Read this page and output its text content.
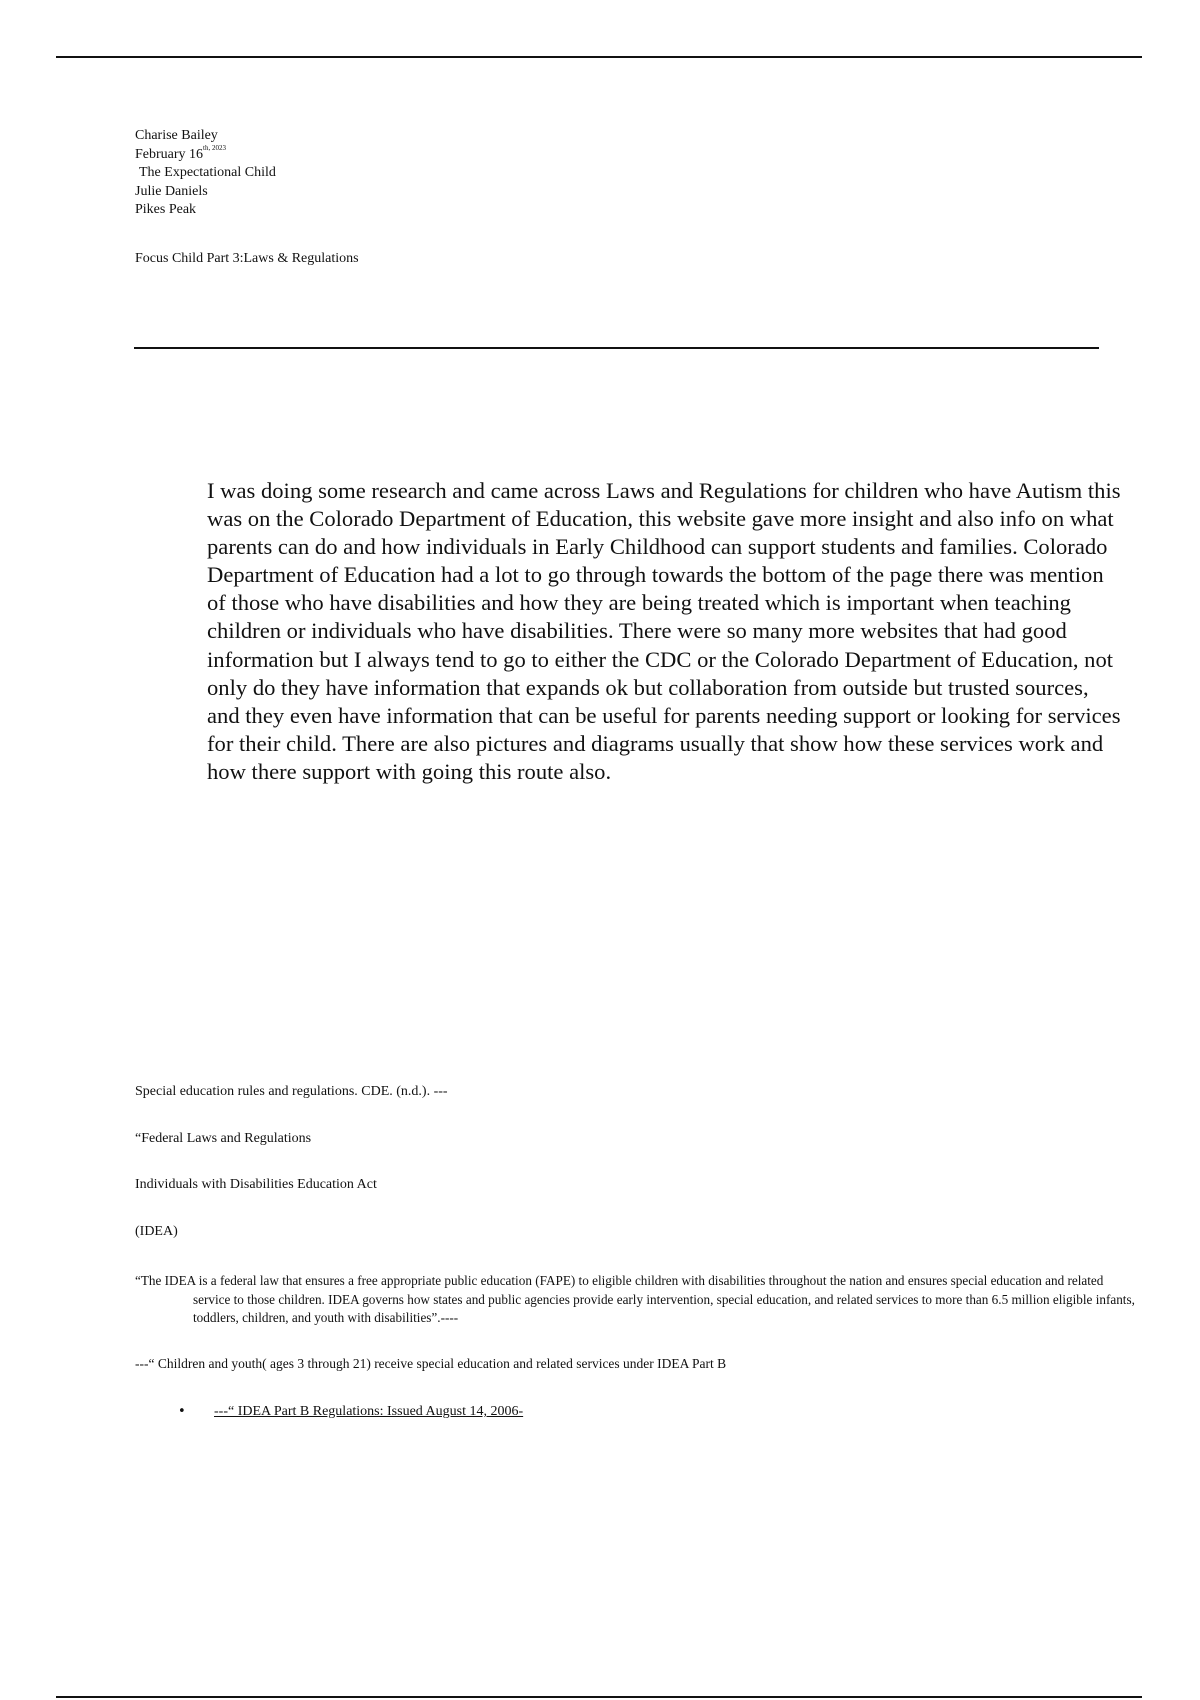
Charise Bailey
February $16^{th, 2023}$
The Expectational Child
Julie Daniels
Pikes Peak
Focus Child Part 3:Laws & Regulations

I was doing some research and came across Laws and Regulations for children who have Autism this was on the Colorado Department of Education, this website gave more insight and also info on what parents can do and how individuals in Early Childhood can support students and families. Colorado Department of Education had a lot to go through towards the bottom of the page there was mention of those who have disabilities and how they are being treated which is important when teaching children or individuals who have disabilities. There were so many more websites that had good information but I always tend to go to either the CDC or the Colorado Department of Education, not only do they have information that expands ok but collaboration from outside but trusted sources, and they even have information that can be useful for parents needing support or looking for services for their child. There are also pictures and diagrams usually that show how these services work and how there support with going this route also.

Special education rules and regulations. CDE. (n.d.). ---
“Federal Laws and Regulations
Individuals with Disabilities Education Act
(IDEA)
“The IDEA is a federal law that ensures a free appropriate public education (FAPE) to eligible children with disabilities throughout the nation and ensures special education and related service to those children. IDEA governs how states and public agencies provide early intervention, special education, and related services to more than 6.5 million eligible infants, toddlers, children, and youth with disabilities”.----
---“ Children and youth( ages 3 through 21) receive special education and related services under IDEA Part B
• ---“ IDEA Part B Regulations: Issued August 14, 2006-
